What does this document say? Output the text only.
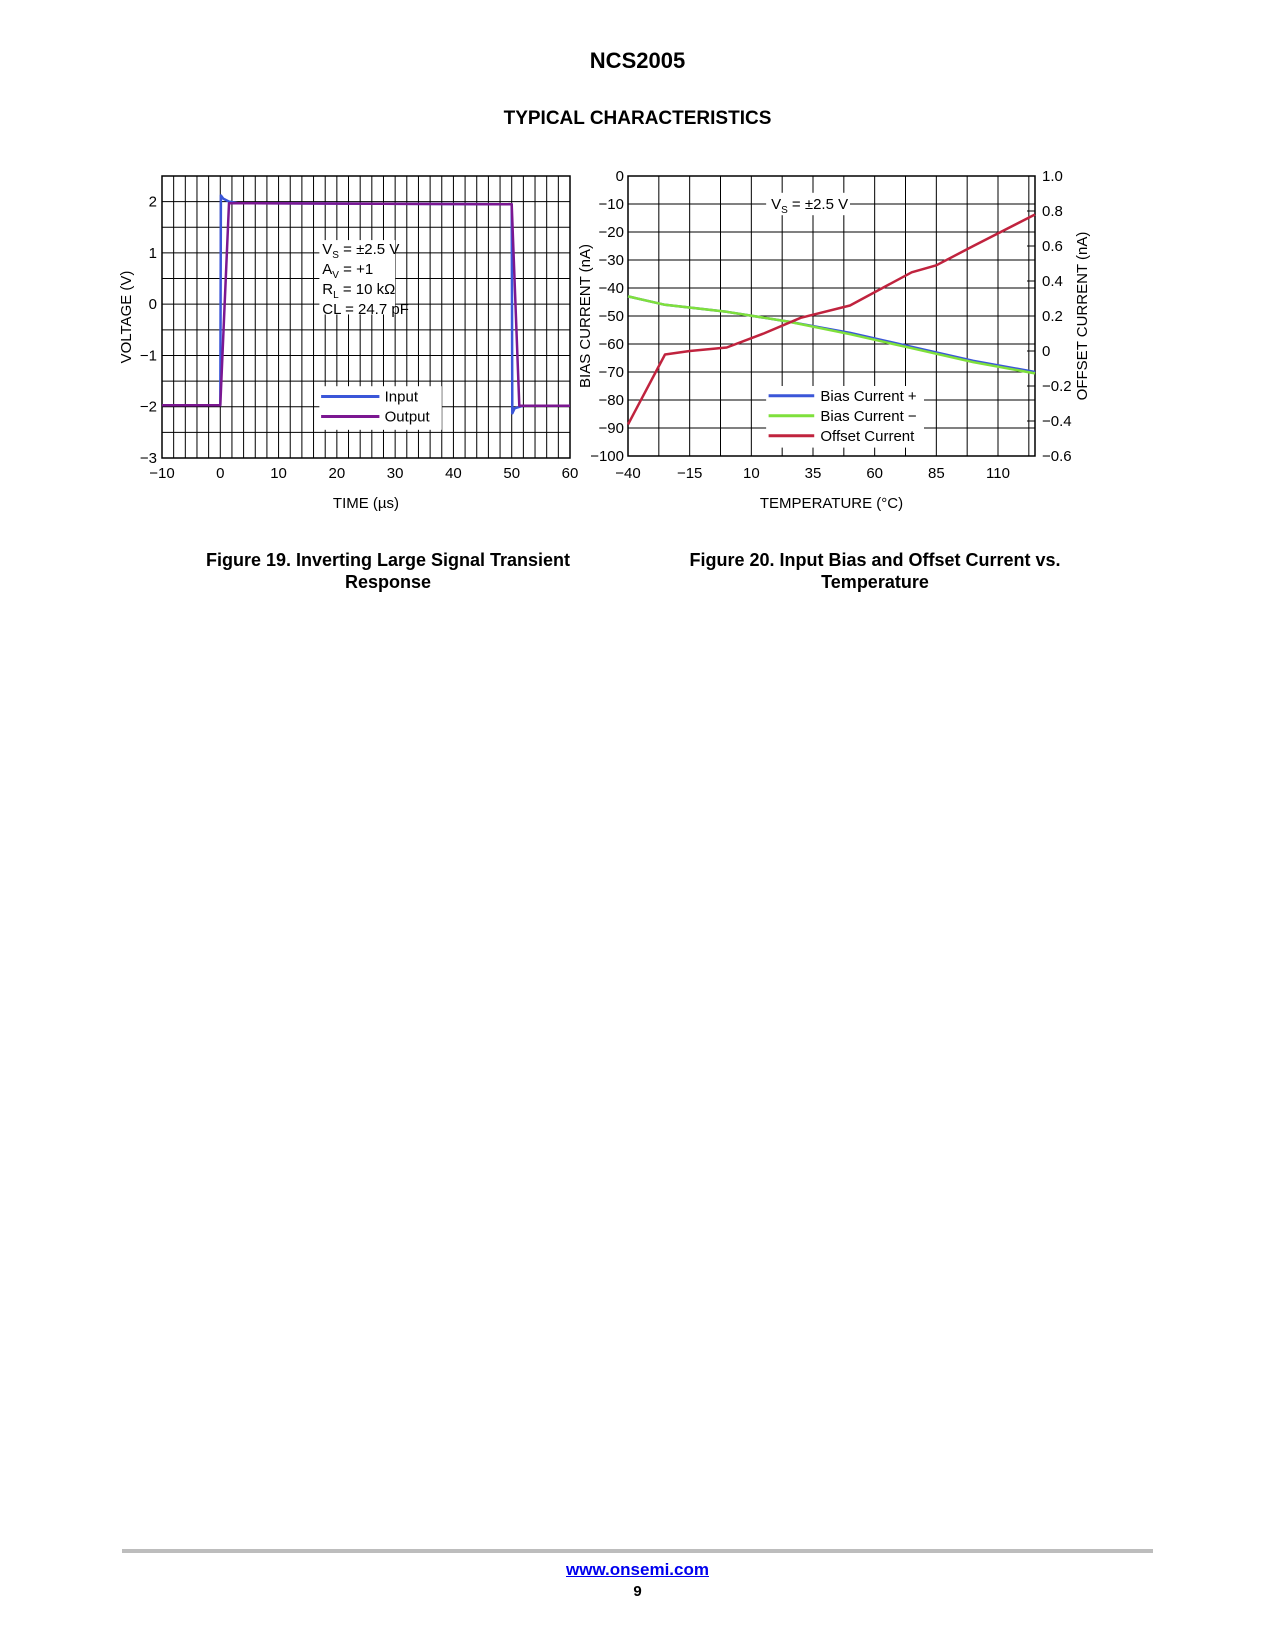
NCS2005
TYPICAL CHARACTERISTICS
−10	0	10	20	30	40	50	60
−3
−2
−1
0
1
2
TIME (µs)
VOLTAGE (V)
$V_S = \pm 2.5$ V
$A_V = +1$
$R_L = 10$ kΩ
CL = 24.7 pF
Input
Output
1.0
0.8
0.6
0.4
0.2
0
−0.2
−0.4
−0.6
−40 −15	10	35	60	85	110
0
−10
−20
−30
−40
−50
−60
−70
−80
−90
−100
TEMPERATURE (°C)
BIAS CURRENT (nA)	OFFSET CURRENT (nA)
$V_S = \pm 2.5$ V
Bias Current +
Bias Current −
Offset Current
Figure 19. Inverting Large Signal Transient Response
Figure 20. Input Bias and Offset Current vs. Temperature
www.onsemi.com
9
